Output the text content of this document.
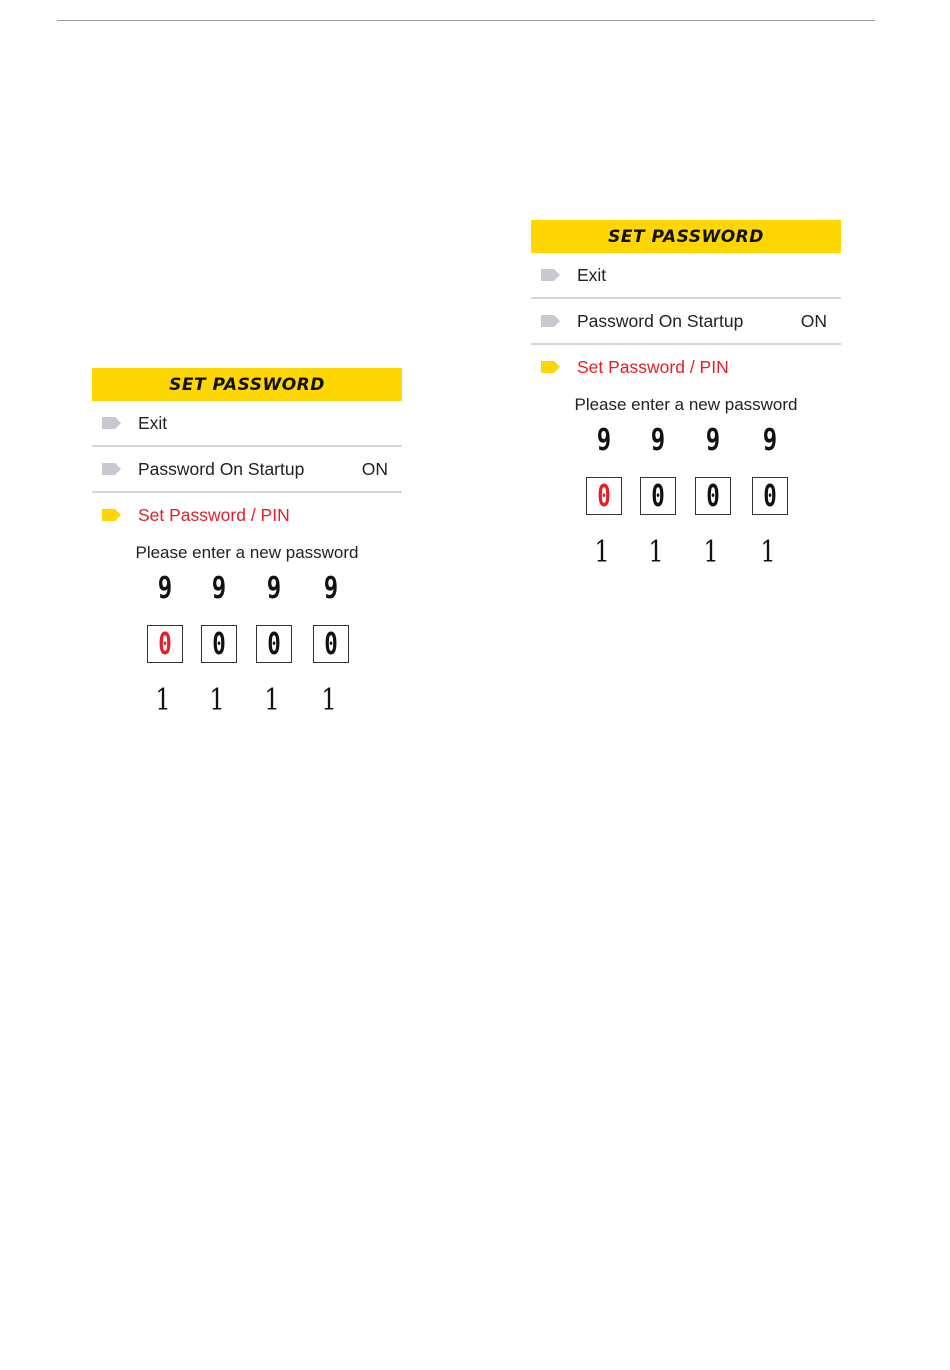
SET PASSWORD
Exit
Password On Startup	ON
Set Password / PIN
Please enter a new password
9 9 9 9
0 0 0 0
1 1 1 1
SET PASSWORD
Exit
Password On Startup	ON
Set Password / PIN
Please enter a new password
9 9 9 9
0 0 0 0
1 1 1 1
